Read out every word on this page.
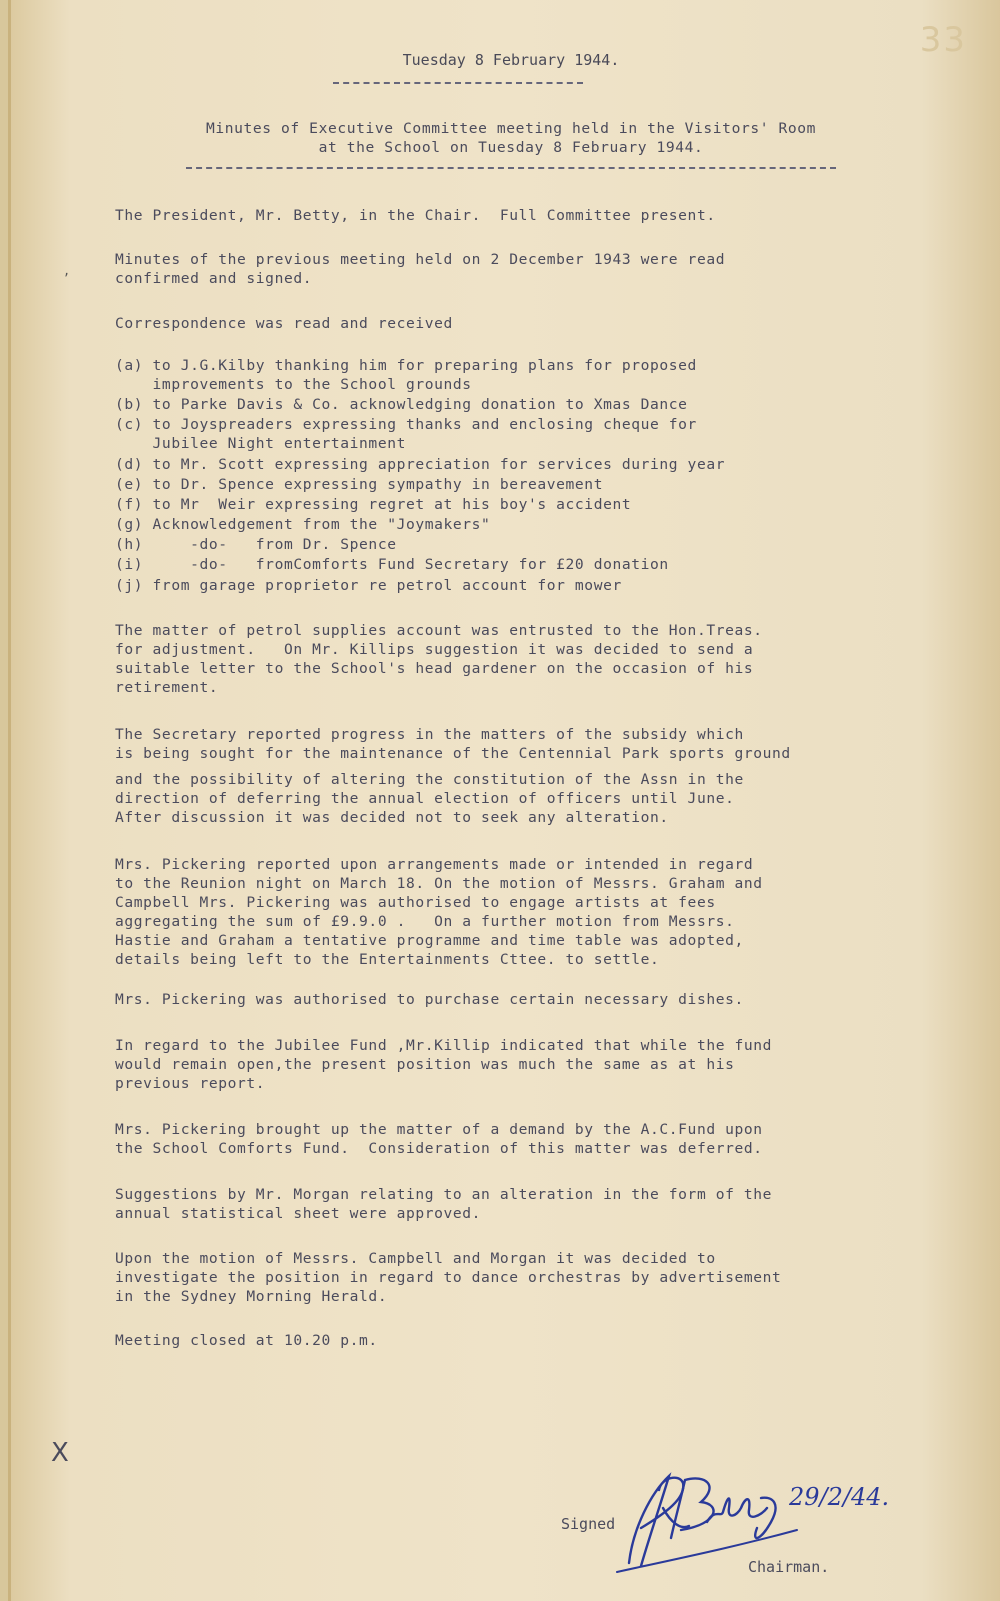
33
Tuesday 8 February 1944.
Minutes of Executive Committee meeting held in the Visitors' Room
at the School on Tuesday 8 February 1944.
The President, Mr. Betty, in the Chair.  Full Committee present.
,
Minutes of the previous meeting held on 2 December 1943 were read
confirmed and signed.
Correspondence was read and received
(a) to J.G.Kilby thanking him for preparing plans for proposed
improvements to the School grounds
(b) to Parke Davis & Co. acknowledging donation to Xmas Dance
(c) to Joyspreaders expressing thanks and enclosing cheque for
Jubilee Night entertainment
(d) to Mr. Scott expressing appreciation for services during year
(e) to Dr. Spence expressing sympathy in bereavement
(f) to Mr  Weir expressing regret at his boy's accident
(g) Acknowledgement from the "Joymakers"
(h)     -do-   from Dr. Spence
(i)     -do-   fromComforts Fund Secretary for £20 donation
(j) from garage proprietor re petrol account for mower
The matter of petrol supplies account was entrusted to the Hon.Treas.
for adjustment.   On Mr. Killips suggestion it was decided to send a
suitable letter to the School's head gardener on the occasion of his
retirement.
The Secretary reported progress in the matters of the subsidy which
is being sought for the maintenance of the Centennial Park sports ground
and the possibility of altering the constitution of the Assn in the
direction of deferring the annual election of officers until June.
After discussion it was decided not to seek any alteration.
Mrs. Pickering reported upon arrangements made or intended in regard
to the Reunion night on March 18. On the motion of Messrs. Graham and
Campbell Mrs. Pickering was authorised to engage artists at fees
aggregating the sum of £9.9.0 .   On a further motion from Messrs.
Hastie and Graham a tentative programme and time table was adopted,
details being left to the Entertainments Cttee. to settle.
Mrs. Pickering was authorised to purchase certain necessary dishes.
In regard to the Jubilee Fund ,Mr.Killip indicated that while the fund
would remain open,the present position was much the same as at his
previous report.
Mrs. Pickering brought up the matter of a demand by the A.C.Fund upon
the School Comforts Fund.  Consideration of this matter was deferred.
Suggestions by Mr. Morgan relating to an alteration in the form of the
annual statistical sheet were approved.
X
Upon the motion of Messrs. Campbell and Morgan it was decided to
investigate the position in regard to dance orchestras by advertisement
in the Sydney Morning Herald.
Meeting closed at 10.20 p.m.
Signed
29/2/44.
Chairman.
